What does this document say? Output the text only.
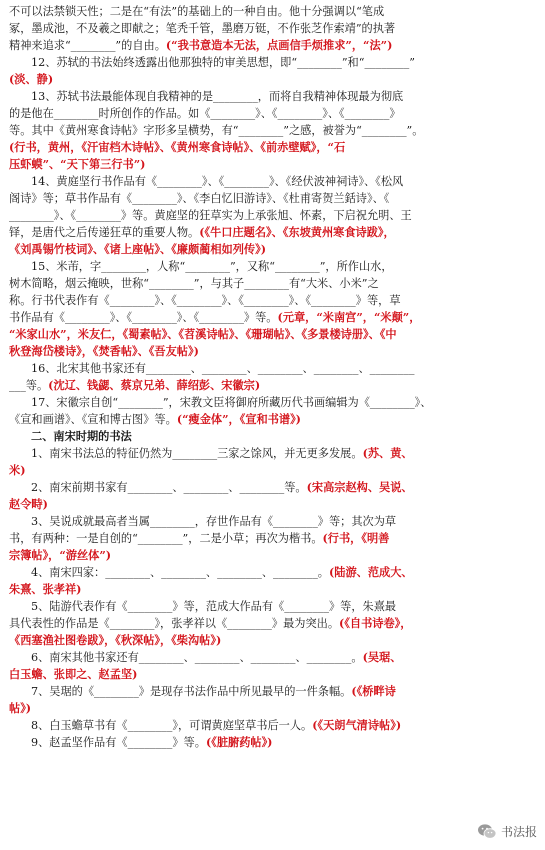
不可以法禁锁天性；二是在“有法”的基础上的一种自由。他十分强调以“笔成
冢，墨成池，不及羲之即献之；笔秃千管，墨磨万铤，不作张芝作索靖”的执著
精神来追求“________”的自由。(“我书意造本无法，点画信手烦推求”，“法”)
12、苏轼的书法始终透露出他那独特的审美思想，即“________”和“________”
(淡、静)
13、苏轼书法最能体现自我精神的是________，而将自我精神体现最为彻底
的是他在________时所创作的作品。如《________》、《________》、《________》
等。其中《黄州寒食诗帖》字形多呈横势，有“________”之感，被誉为“________”。
(行书，黄州，《汗宙档木诗帖》、《黄州寒食诗帖》、《前赤壁赋》，“石
压虾蟆”、“天下第三行书”)
14、黄庭坚行书作品有《________》、《________》、《经伏波神祠诗》、《松风
阁诗》等；草书作品有《________》、《李白忆旧游诗》、《杜甫寄贺兰銛诗》、《
________》、《________》等。黄庭坚的狂草实为上承张旭、怀素，下启祝允明、王
铎，是唐代之后传递狂草的重要人物。(《牛口庄题名》、《东坡黄州寒食诗跋》，
《刘禹锡竹枝词》、《诸上座帖》、《廉颇蔺相如列传》)
15、米芾，字________，人称“________”，又称“________”，所作山水，
树木简略，烟云掩映，世称“________”，与其子________有“大米、小米”之
称。行书代表作有《________》、《________》、《________》、《________》等，草
书作品有《________》、《________》、《________》等。(元章，“米南宫”，“米颠”，
“米家山水”，米友仁，《蜀素帖》、《苕溪诗帖》、《珊瑚帖》、《多景楼诗册》、《中
秋登海岱楼诗》，《焚香帖》、《吾友帖》)
16、北宋其他书家还有________、________、________、________、________
___等。(沈辽、钱勰、蔡京兄弟、薛绍彭、宋徽宗)
17、宋徽宗自创“________”，宋教文臣将御府所藏历代书画编辑为《________》、
《宣和画谱》、《宣和博古图》等。(“瘦金体”，《宣和书谱》)
二、南宋时期的书法
1、南宋书法总的特征仍然为________三家之馀风，并无更多发展。(苏、黄、
米)
2、南宋前期书家有________、________、________等。(宋高宗赵构、吴说、
赵令畤)
3、吴说成就最高者当属________，存世作品有《________》等；其次为草
书，有两种：一是自创的“________”，二是小草；再次为楷书。(行书，《明善
宗簿帖》，“游丝体”)
4、南宋四家：________、________、________、________。(陆游、范成大、
朱熹、张孝祥)
5、陆游代表作有《________》等，范成大作品有《________》等，朱熹最
具代表性的作品是《________》，张孝祥以《________》最为突出。(《自书诗卷》，
《西塞渔社图卷跋》，《秋深帖》，《柴沟帖》)
6、南宋其他书家还有________、________、________、________。(吴琚、
白玉蟾、张即之、赵孟坚)
7、吴琚的《________》是现存书法作品中所见最早的一件条幅。(《桥畔诗
帖》)
8、白玉蟾草书有《________》，可谓黄庭坚草书后一人。(《天朗气清诗帖》)
9、赵孟坚作品有《________》等。(《脏腑药帖》)
书法报
